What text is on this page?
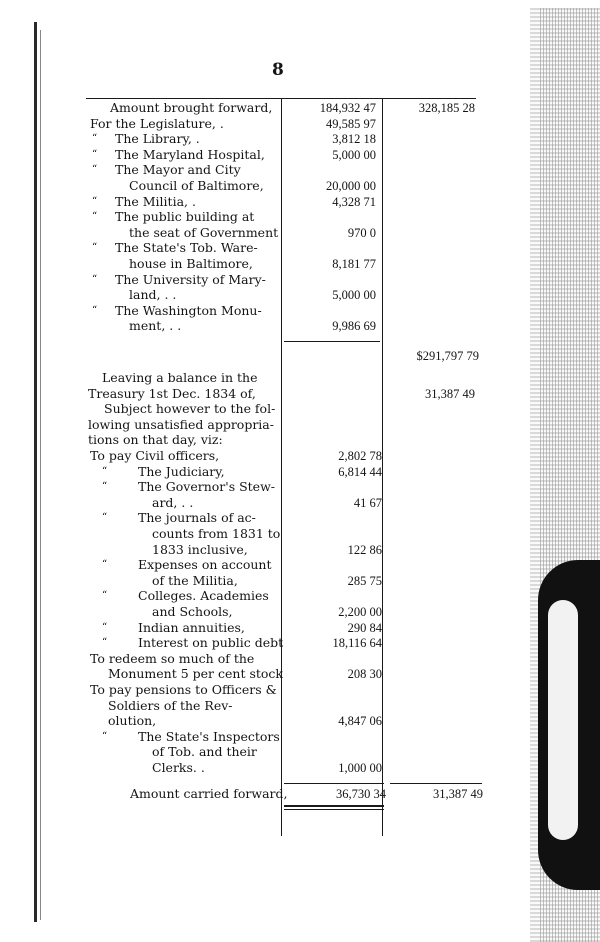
8
Amount brought forward,	184,932 47	328,185 28
For the Legislature, .	49,585 97
“ The Library, .	3,812 18
“ The Maryland Hospital,	5,000 00
“ The Mayor and City
Council of Baltimore,	20,000 00
“ The Militia, .	4,328 71
“ The public building at
the seat of Government	970 0
“ The State's Tob. Ware-
house in Baltimore,	8,181 77
“ The University of Mary-
land, . .	5,000 00
“ The Washington Monu-
ment, . .	9,986 69
$291,797 79
Leaving a balance in the
Treasury 1st Dec. 1834 of,	31,387 49
Subject however to the fol-
lowing unsatisfied appropria-
tions on that day, viz:
To pay Civil officers,	2,802 78
“ The Judiciary,	6,814 44
“ The Governor's Stew-
ard, . .	41 67
“ The journals of ac-
counts from 1831 to
1833 inclusive,	122 86
“ Expenses on account
of the Militia,	285 75
“ Colleges. Academies
and Schools,	2,200 00
“ Indian annuities,	290 84
“ Interest on public debt	18,116 64
To redeem so much of the
Monument 5 per cent stock	208 30
To pay pensions to Officers &
Soldiers of the Rev-
olution,	4,847 06
“ The State's Inspectors
of Tob. and their
Clerks. .	1,000 00
Amount carried forward,	36,730 34	31,387 49
